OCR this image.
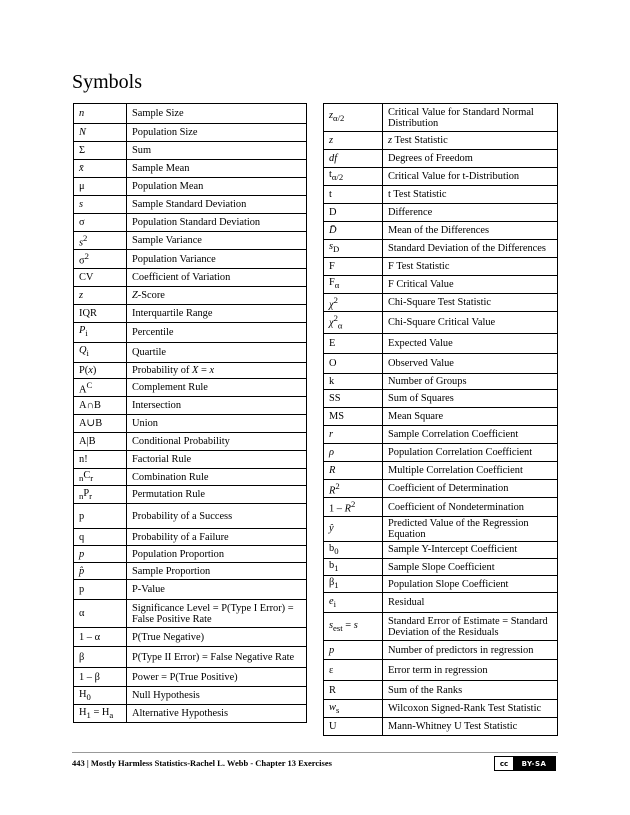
Symbols
n	Sample Size
N	Population Size
Σ	Sum
x̄	Sample Mean
μ	Population Mean
s	Sample Standard Deviation
σ	Population Standard Deviation
$s^2$	Sample Variance
$\sigma^2$	Population Variance
CV	Coefficient of Variation
z	Z-Score
IQR	Interquartile Range
$P_i$	Percentile
$Q_i$	Quartile
P(x)	Probability of X = x
$A^C$	Complement Rule
A∩B	Intersection
A∪B	Union
A|B	Conditional Probability
n!	Factorial Rule
$_nC_r$	Combination Rule
$_nP_r$	Permutation Rule
p	Probability of a Success
q	Probability of a Failure
p	Population Proportion
p̂	Sample Proportion
p	P-Value
α	Significance Level = P(Type I Error) = False Positive Rate
1 – α	P(True Negative)
β	P(Type II Error) = False Negative Rate
1 – β	Power = P(True Positive)
$H_0$	Null Hypothesis
$H_1 = H_a$	Alternative Hypothesis
$z_{\alpha/2}$	Critical Value for Standard Normal Distribution
z	z Test Statistic
df	Degrees of Freedom
$t_{\alpha/2}$	Critical Value for t-Distribution
t	t Test Statistic
D	Difference
D̄	Mean of the Differences
$s_D$	Standard Deviation of the Differences
F	F Test Statistic
$F_\alpha$	F Critical Value
$\chi^2$	Chi-Square Test Statistic
$\chi^2_\alpha$	Chi-Square Critical Value
E	Expected Value
O	Observed Value
k	Number of Groups
SS	Sum of Squares
MS	Mean Square
r	Sample Correlation Coefficient
ρ	Population Correlation Coefficient
R	Multiple Correlation Coefficient
$R^2$	Coefficient of Determination
$1 - R^2$	Coefficient of Nondetermination
ŷ	Predicted Value of the Regression Equation
$b_0$	Sample Y-Intercept Coefficient
$b_1$	Sample Slope Coefficient
$\beta_1$	Population Slope Coefficient
$e_i$	Residual
$s_{est} = s$	Standard Error of Estimate = Standard Deviation of the Residuals
p	Number of predictors in regression
ε	Error term in regression
R	Sum of the Ranks
$w_s$	Wilcoxon Signed-Rank Test Statistic
U	Mann-Whitney U Test Statistic
443 | Mostly Harmless Statistics-Rachel L. Webb - Chapter 13 Exercises	cc	BY-SA
